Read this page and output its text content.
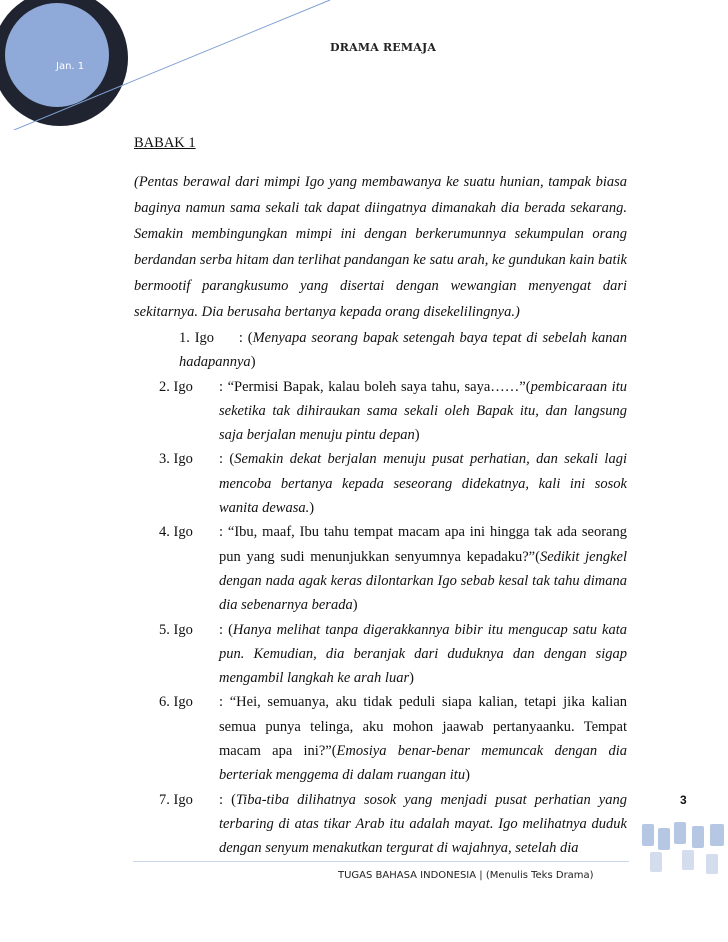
Jan. 1
DRAMA REMAJA
BABAK 1
(Pentas berawal dari mimpi Igo yang membawanya ke suatu hunian, tampak biasa baginya namun sama sekali tak dapat diingatnya dimanakah dia berada sekarang. Semakin membingungkan mimpi ini dengan berkerumunnya sekumpulan orang berdandan serba hitam dan terlihat pandangan ke satu arah, ke gundukan kain batik bermootif parangkusumo yang disertai dengan wewangian menyengat dari sekitarnya. Dia berusaha bertanya kepada orang disekelilingnya.)
1. Igo : (Menyapa seorang bapak setengah baya tepat di sebelah kanan hadapannya)
2. Igo : “Permisi Bapak, kalau boleh saya tahu, saya……”(pembicaraan itu seketika tak dihiraukan sama sekali oleh Bapak itu, dan langsung saja berjalan menuju pintu depan)
3. Igo : (Semakin dekat berjalan menuju pusat perhatian, dan sekali lagi mencoba bertanya kepada seseorang didekatnya, kali ini sosok wanita dewasa.)
4. Igo : “Ibu, maaf, Ibu tahu tempat macam apa ini hingga tak ada seorang pun yang sudi menunjukkan senyumnya kepadaku?”(Sedikit jengkel dengan nada agak keras dilontarkan Igo sebab kesal tak tahu dimana dia sebenarnya berada)
5. Igo : (Hanya melihat tanpa digerakkannya bibir itu mengucap satu kata pun. Kemudian, dia beranjak dari duduknya dan dengan sigap mengambil langkah ke arah luar)
6. Igo : “Hei, semuanya, aku tidak peduli siapa kalian, tetapi jika kalian semua punya telinga, aku mohon jaawab pertanyaanku. Tempat macam apa ini?”(Emosiya benar-benar memuncak dengan dia berteriak menggema di dalam ruangan itu)
7. Igo : (Tiba-tiba dilihatnya sosok yang menjadi pusat perhatian yang terbaring di atas tikar Arab itu adalah mayat. Igo melihatnya duduk dengan senyum menakutkan tergurat di wajahnya, setelah dia
3
TUGAS BAHASA INDONESIA | (Menulis Teks Drama)
